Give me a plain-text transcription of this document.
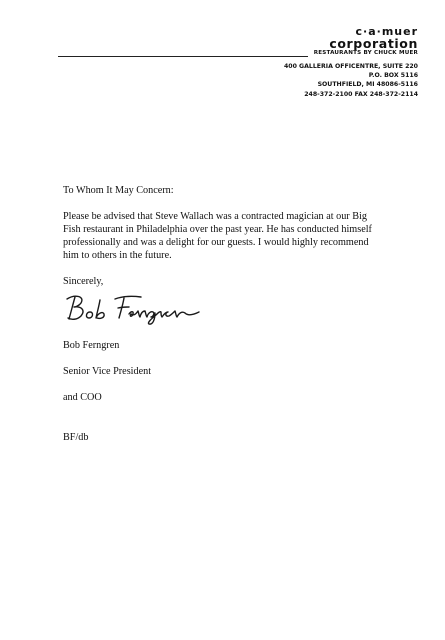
c·a·muer
corporation
RESTAURANTS BY CHUCK MUER
400 GALLERIA OFFICENTRE, SUITE 220
P.O. BOX 5116
SOUTHFIELD, MI 48086-5116
248-372-2100 FAX 248-372-2114

To Whom It May Concern:

Please be advised that Steve Wallach was a contracted magician at our Big
Fish restaurant in Philadelphia over the past year. He has conducted himself
professionally and was a delight for our guests. I would highly recommend
him to others in the future.

Sincerely,

Bob Ferngren

Senior Vice President

and COO

BF/db
